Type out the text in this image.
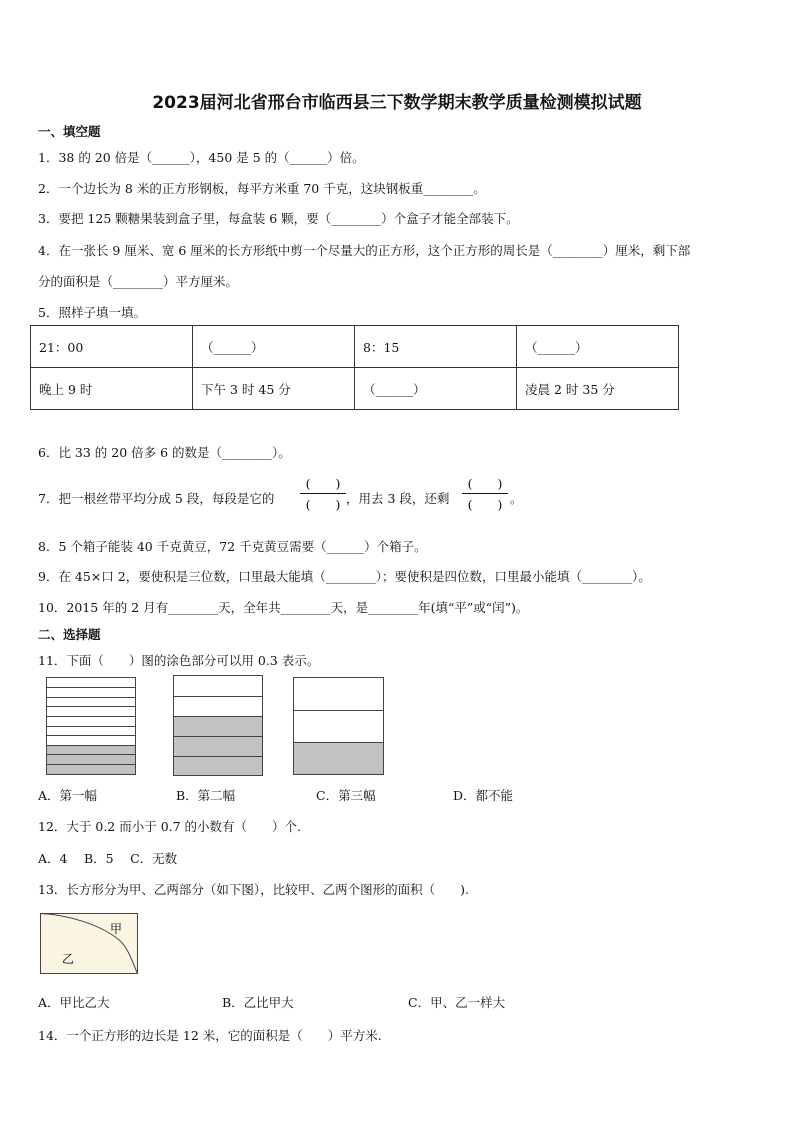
2023届河北省邢台市临西县三下数学期末教学质量检测模拟试题
一、填空题
1．38 的 20 倍是（______），450 是 5 的（______）倍。
2．一个边长为 8 米的正方形钢板，每平方米重 70 千克，这块钢板重________。
3．要把 125 颗糖果装到盒子里，每盒装 6 颗，要（________）个盒子才能全部装下。
4．在一张长 9 厘米、宽 6 厘米的长方形纸中剪一个尽量大的正方形，这个正方形的周长是（________）厘米，剩下部
分的面积是（________）平方厘米。
5．照样子填一填。
21：00	（______）	8：15	（______）
晚上 9 时	下午 3 时 45 分	（______）	凌晨 2 时 35 分
6．比 33 的 20 倍多 6 的数是（________）。
7．把一根丝带平均分成 5 段，每段是它的
(　　)
(　　) ，用去 3 段，还剩
(　　)
(　　) 。
8．5 个箱子能装 40 千克黄豆，72 千克黄豆需要（______）个箱子。
9．在 45×口 2，要使积是三位数，口里最大能填（________）；要使积是四位数，口里最小能填（________）。
10．2015 年的 2 月有________天，全年共________天，是________年(填“平”或“闰”)。
二、选择题
11．下面（　　）图的涂色部分可以用 0.3 表示。
A．第一幅	B．第二幅	C．第三幅	D．都不能
12．大于 0.2 而小于 0.7 的小数有（　　）个.
A．4　 B．5　 C．无数
13．长方形分为甲、乙两部分（如下图），比较甲、乙两个图形的面积（　　).
甲
乙
A．甲比乙大	B．乙比甲大	C．甲、乙一样大
14．一个正方形的边长是 12 米，它的面积是（　　）平方米.
